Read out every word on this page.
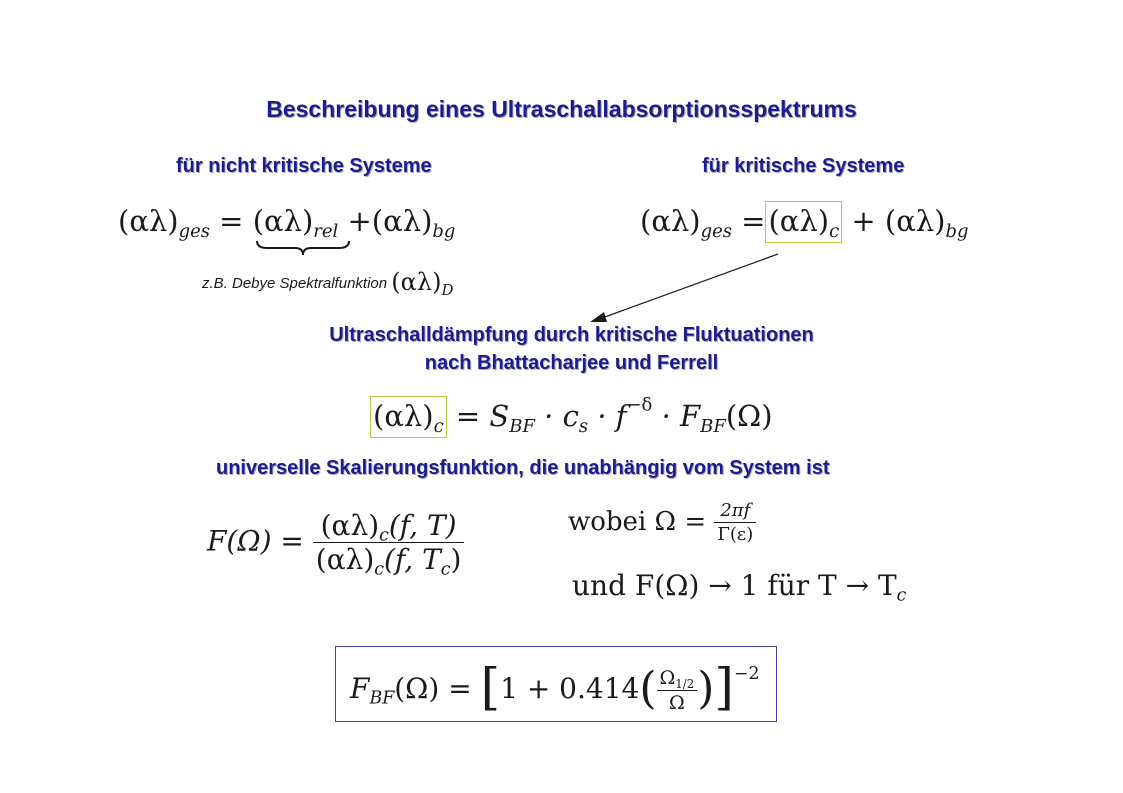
Beschreibung eines Ultraschallabsorptionsspektrums
für nicht kritische Systeme	für kritische Systeme
$(\alpha\lambda)_{ges} = (\alpha\lambda)_{rel} +(\alpha\lambda)_{bg}$
z.B. Debye Spektralfunktion $(\alpha\lambda)_D$
$(\alpha\lambda)_{ges} = (\alpha\lambda)_c + (\alpha\lambda)_{bg}$
Ultraschalldämpfung durch kritische Fluktuationen
nach Bhattacharjee und Ferrell
$(\alpha\lambda)_c = S_{BF} \cdot c_s \cdot f^{-\delta} \cdot F_{BF}(\Omega)$
universelle Skalierungsfunktion, die unabhängig vom System ist
$F(\Omega) = \frac{(\alpha\lambda)_c(f, T)}{(\alpha\lambda)_c(f, T_c)}$	wobei $\Omega = \frac{2\pi f}{\Gamma(\varepsilon)}$
und F(Ω) → 1 für $T \to T_c$
$F_{BF}(\Omega) = [1 + 0.414( \frac{\Omega_{1/2}}{\Omega} )]^{-2}$
